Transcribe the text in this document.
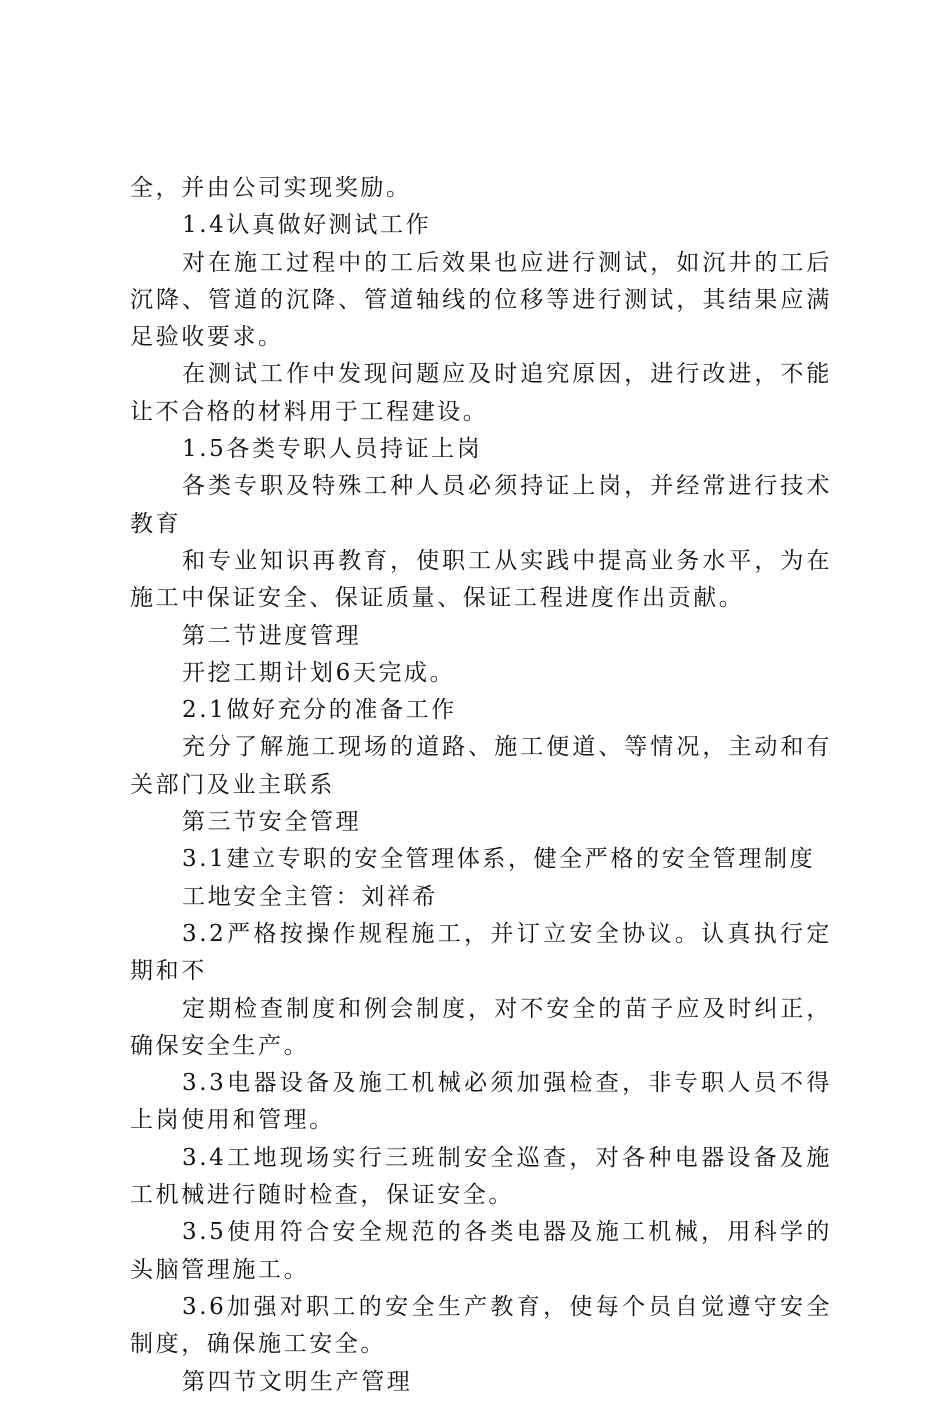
全，并由公司实现奖励。

1.4认真做好测试工作

对在施工过程中的工后效果也应进行测试，如沉井的工后沉降、管道的沉降、管道轴线的位移等进行测试，其结果应满足验收要求。

在测试工作中发现问题应及时追究原因，进行改进，不能让不合格的材料用于工程建设。

1.5各类专职人员持证上岗

各类专职及特殊工种人员必须持证上岗，并经常进行技术教育

和专业知识再教育，使职工从实践中提高业务水平，为在施工中保证安全、保证质量、保证工程进度作出贡献。

第二节进度管理

开挖工期计划6天完成。

2.1做好充分的准备工作

充分了解施工现场的道路、施工便道、等情况，主动和有关部门及业主联系

第三节安全管理

3.1建立专职的安全管理体系，健全严格的安全管理制度

工地安全主管：刘祥希

3.2严格按操作规程施工，并订立安全协议。认真执行定期和不

定期检查制度和例会制度，对不安全的苗子应及时纠正，确保安全生产。

3.3电器设备及施工机械必须加强检查，非专职人员不得上岗使用和管理。

3.4工地现场实行三班制安全巡查，对各种电器设备及施工机械进行随时检查，保证安全。

3.5使用符合安全规范的各类电器及施工机械，用科学的头脑管理施工。

3.6加强对职工的安全生产教育，使每个员自觉遵守安全制度，确保施工安全。

第四节文明生产管理
